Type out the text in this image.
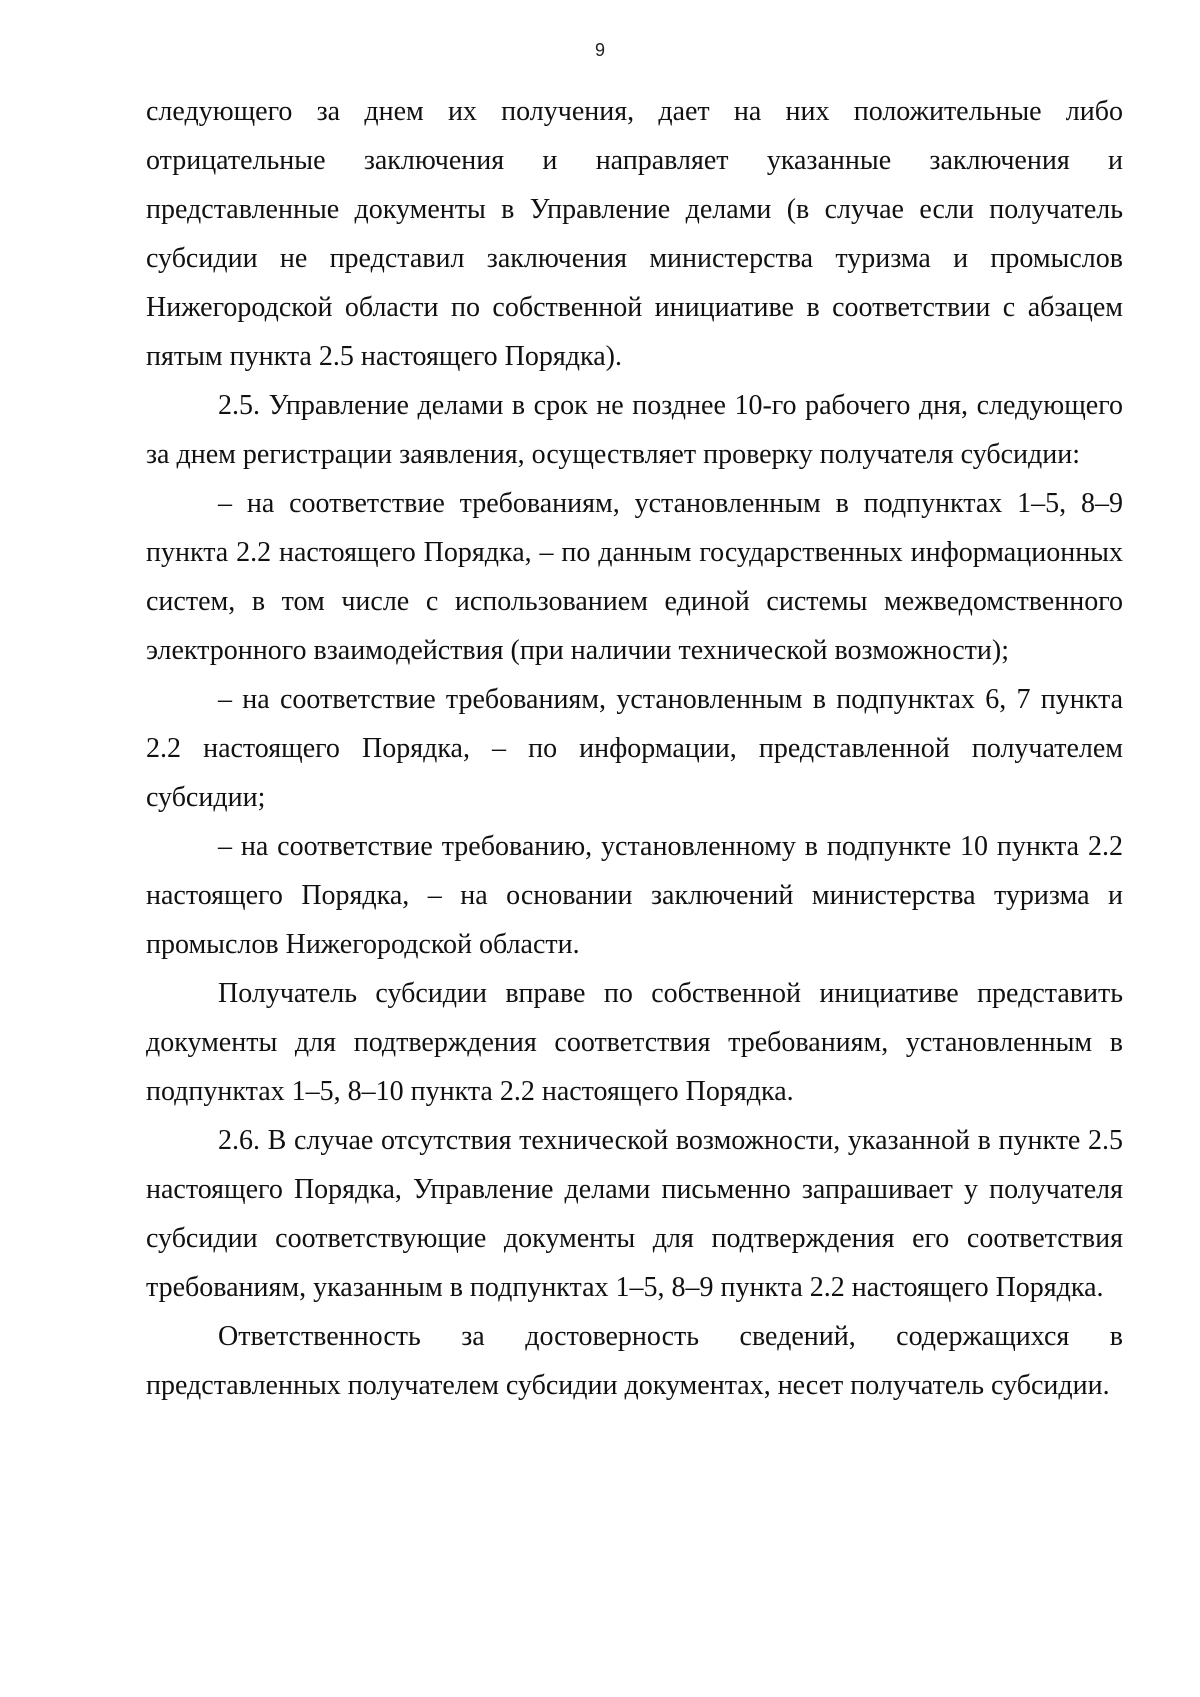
9

следующего за днем их получения, дает на них положительные либо отрицательные заключения и направляет указанные заключения и представленные документы в Управление делами (в случае если получатель субсидии не представил заключения министерства туризма и промыслов Нижегородской области по собственной инициативе в соответствии с абзацем пятым пункта 2.5 настоящего Порядка).

2.5. Управление делами в срок не позднее 10-го рабочего дня, следующего за днем регистрации заявления, осуществляет проверку получателя субсидии:

– на соответствие требованиям, установленным в подпунктах 1–5, 8–9 пункта 2.2 настоящего Порядка, – по данным государственных информационных систем, в том числе с использованием единой системы межведомственного электронного взаимодействия (при наличии технической возможности);

– на соответствие требованиям, установленным в подпунктах 6, 7 пункта 2.2 настоящего Порядка, – по информации, представленной получателем субсидии;

– на соответствие требованию, установленному в подпункте 10 пункта 2.2 настоящего Порядка, – на основании заключений министерства туризма и промыслов Нижегородской области.

Получатель субсидии вправе по собственной инициативе представить документы для подтверждения соответствия требованиям, установленным в подпунктах 1–5, 8–10 пункта 2.2 настоящего Порядка.

2.6. В случае отсутствия технической возможности, указанной в пункте 2.5 настоящего Порядка, Управление делами письменно запрашивает у получателя субсидии соответствующие документы для подтверждения его соответствия требованиям, указанным в подпунктах 1–5, 8–9 пункта 2.2 настоящего Порядка.

Ответственность за достоверность сведений, содержащихся в представленных получателем субсидии документах, несет получатель субсидии.
